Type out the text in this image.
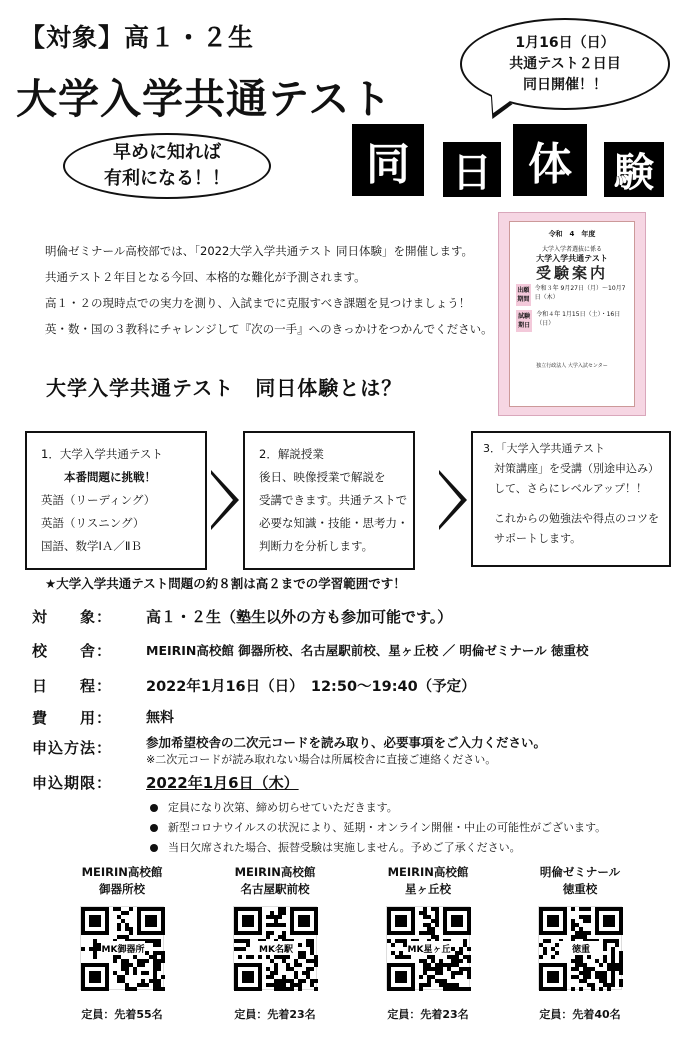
【対象】高１・２生
大学入学共通テスト
1月16日（日）
共通テスト２日目
同日開催！！
早めに知れば
有利になる！！	同	日 体	験
明倫ゼミナール高校部では、「2022大学入学共通テスト 同日体験」を開催します。
共通テスト２年目となる今回、本格的な難化が予測されます。
高１・２の現時点での実力を測り、入試までに克服すべき課題を見つけましょう！
英・数・国の３教科にチャレンジして『次の一手』へのきっかけをつかんでください。
令和　4　年度
大学入学者選抜に係る
大学入学共通テスト
受験案内
出願期間
令和３年 9月27日（月）〜10月7日（木）
試験期日
令和４年 1月15日（土）・16日（日）
独立行政法人 大学入試センター
大学入学共通テスト　同日体験とは？
1．大学入学共通テスト
　　本番問題に挑戦！
英語（リーディング）
英語（リスニング）
国語、数学ⅠＡ／ⅡＢ
2．解説授業
後日、映像授業で解説を
受講できます。共通テストで
必要な知識・技能・思考力・
判断力を分析します。
3．「大学入学共通テスト
　対策講座」を受講（別途申込み）
　して、さらにレベルアップ！！
　これからの勉強法や得点のコツを
　サポートします。
★大学入学共通テスト問題の約８割は高２までの学習範囲です！
対　　象：	高１・２生（塾生以外の方も参加可能です。）
校　　舎：	MEIRIN高校館 御器所校、名古屋駅前校、星ヶ丘校 ／ 明倫ゼミナール 徳重校
日　　程：	2022年1月16日（日）　12:50〜19:40（予定）
費　　用：	無料
申込方法：	参加希望校舎の二次元コードを読み取り、必要事項をご入力ください。
※二次元コードが読み取れない場合は所属校舎に直接ご連絡ください。
申込期限：	2022年1月6日（木）
定員になり次第、締め切らせていただきます。
新型コロナウイルスの状況により、延期・オンライン開催・中止の可能性がございます。
当日欠席された場合、振替受験は実施しません。予めご了承ください。
MEIRIN高校館
御器所校
MK御器所
定員：先着55名
MEIRIN高校館
名古屋駅前校
MK名駅
定員：先着23名
MEIRIN高校館
星ヶ丘校
MK星ヶ丘
定員：先着23名
明倫ゼミナール
徳重校
徳重
定員：先着40名
